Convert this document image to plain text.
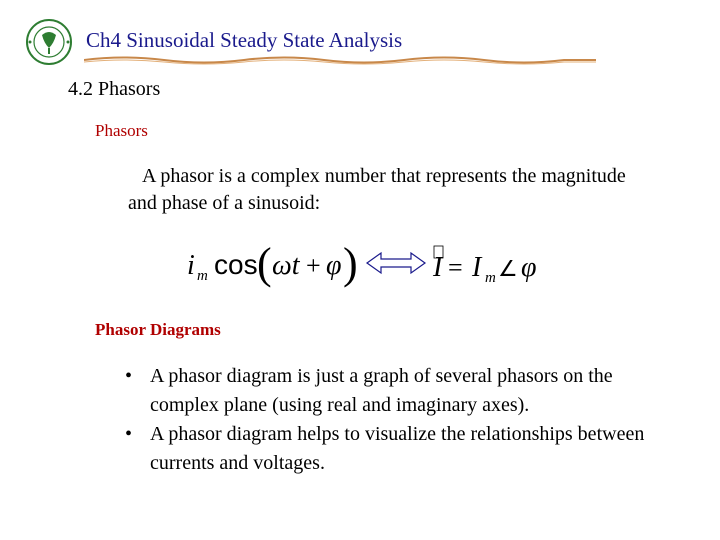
Ch4 Sinusoidal Steady State Analysis
4.2 Phasors
Phasors
A phasor is a complex number that represents the magnitude and phase of a sinusoid:
i m cos ( ωt + φ )	I = I m ∠ φ
Phasor Diagrams
• A phasor diagram is just a graph of several phasors on the complex plane (using real and imaginary axes).
• A phasor diagram helps to visualize the relationships between currents and voltages.
